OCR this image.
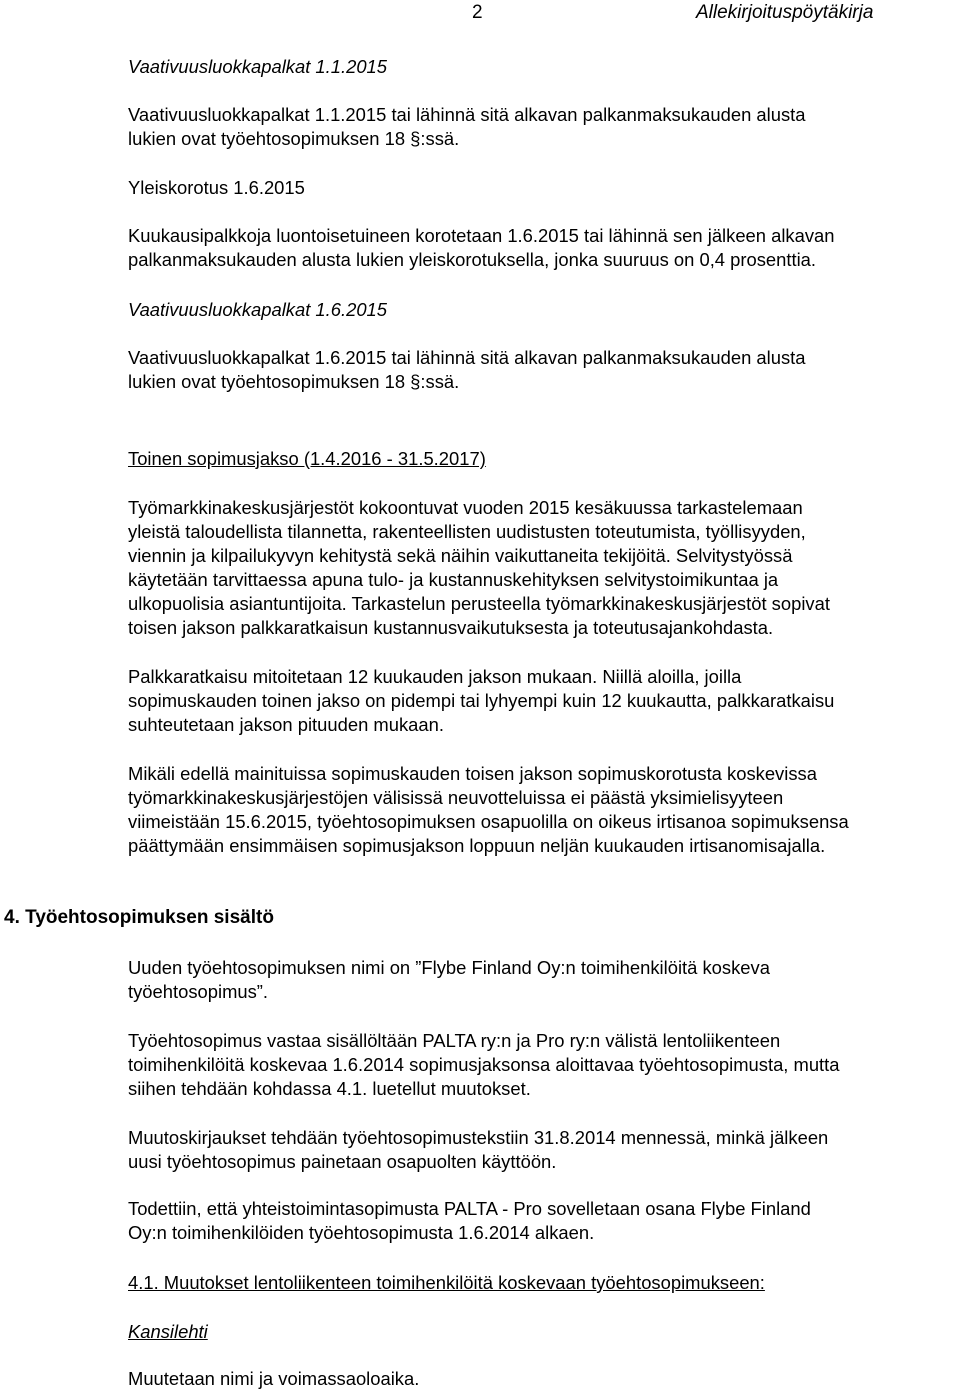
2	Allekirjoituspöytäkirja
Vaativuusluokkapalkat 1.1.2015
Vaativuusluokkapalkat 1.1.2015 tai lähinnä sitä alkavan palkanmaksukauden alusta
lukien ovat työehtosopimuksen 18 §:ssä.
Yleiskorotus 1.6.2015
Kuukausipalkkoja luontoisetuineen korotetaan 1.6.2015 tai lähinnä sen jälkeen alkavan
palkanmaksukauden alusta lukien yleiskorotuksella, jonka suuruus on 0,4 prosenttia.
Vaativuusluokkapalkat 1.6.2015
Vaativuusluokkapalkat 1.6.2015 tai lähinnä sitä alkavan palkanmaksukauden alusta
lukien ovat työehtosopimuksen 18 §:ssä.
Toinen sopimusjakso (1.4.2016 - 31.5.2017)
Työmarkkinakeskusjärjestöt kokoontuvat vuoden 2015 kesäkuussa tarkastelemaan
yleistä taloudellista tilannetta, rakenteellisten uudistusten toteutumista, työllisyyden,
viennin ja kilpailukyvyn kehitystä sekä näihin vaikuttaneita tekijöitä. Selvitystyössä
käytetään tarvittaessa apuna tulo- ja kustannuskehityksen selvitystoimikuntaa ja
ulkopuolisia asiantuntijoita. Tarkastelun perusteella työmarkkinakeskusjärjestöt sopivat
toisen jakson palkkaratkaisun kustannusvaikutuksesta ja toteutusajankohdasta.
Palkkaratkaisu mitoitetaan 12 kuukauden jakson mukaan. Niillä aloilla, joilla
sopimuskauden toinen jakso on pidempi tai lyhyempi kuin 12 kuukautta, palkkaratkaisu
suhteutetaan jakson pituuden mukaan.
Mikäli edellä mainituissa sopimuskauden toisen jakson sopimuskorotusta koskevissa
työmarkkinakeskusjärjestöjen välisissä neuvotteluissa ei päästä yksimielisyyteen
viimeistään 15.6.2015, työehtosopimuksen osapuolilla on oikeus irtisanoa sopimuksensa
päättymään ensimmäisen sopimusjakson loppuun neljän kuukauden irtisanomisajalla.
4. Työehtosopimuksen sisältö
Uuden työehtosopimuksen nimi on ”Flybe Finland Oy:n toimihenkilöitä koskeva
työehtosopimus”.
Työehtosopimus vastaa sisällöltään PALTA ry:n ja Pro ry:n välistä lentoliikenteen
toimihenkilöitä koskevaa 1.6.2014 sopimusjaksonsa aloittavaa työehtosopimusta, mutta
siihen tehdään kohdassa 4.1. luetellut muutokset.
Muutoskirjaukset tehdään työehtosopimustekstiin 31.8.2014 mennessä, minkä jälkeen
uusi työehtosopimus painetaan osapuolten käyttöön.
Todettiin, että yhteistoimintasopimusta PALTA - Pro sovelletaan osana Flybe Finland
Oy:n toimihenkilöiden työehtosopimusta 1.6.2014 alkaen.
4.1. Muutokset lentoliikenteen toimihenkilöitä koskevaan työehtosopimukseen:
Kansilehti
Muutetaan nimi ja voimassaoloaika.
